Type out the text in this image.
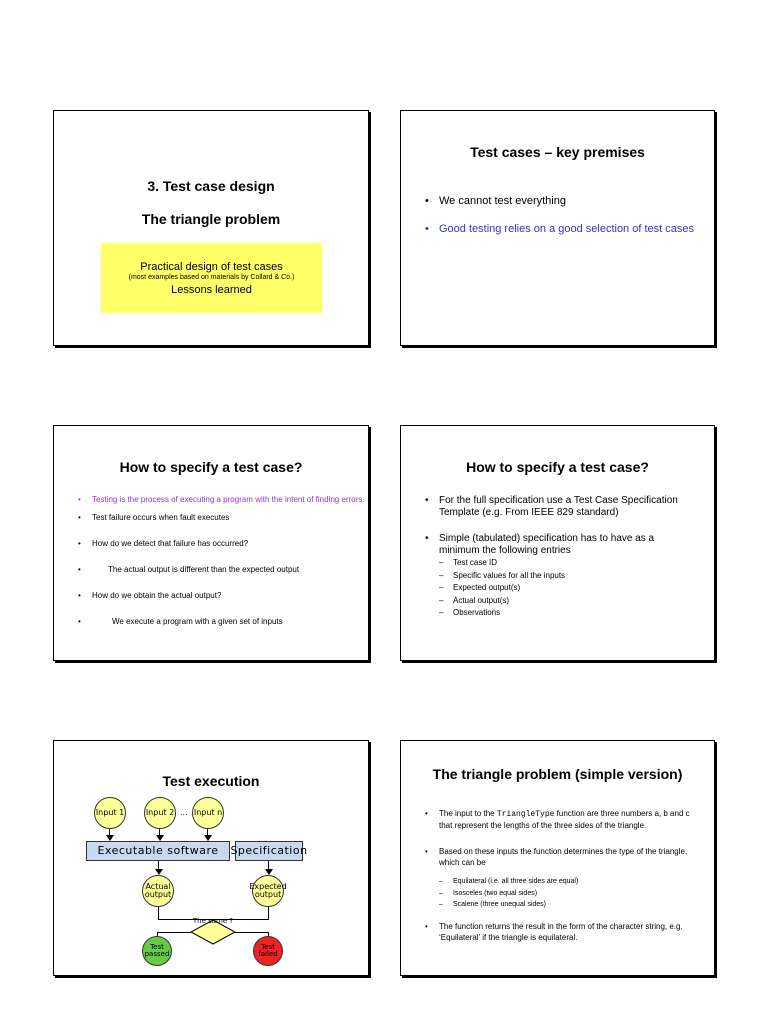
3. Test case design
The triangle problem
Practical design of test cases
(most examples based on materials by Collard & Co.)
Lessons learned
Test cases – key premises
• We cannot test everything
• Good testing relies on a good selection of test cases
How to specify a test case?
• Testing is the process of executing a program with the intent of finding errors.
• Test failure occurs when fault executes
• How do we detect that failure has occurred?
•	The actual output is different than the expected output
• How do we obtain the actual output?
•	We execute a program with a given set of inputs
How to specify a test case?
• For the full specification use a Test Case Specification Template (e.g. From IEEE 829 standard)
• Simple (tabulated) specification has to have as a minimum the following entries
– Test case ID
– Specific values for all the inputs
– Expected output(s)
– Actual output(s)
– Observations
Test execution
Input 1	Input 2 ... Input n
Executable software Specification
Actual output
Expected output
The same ?
Test passed
Test failed
The triangle problem (simple version)
• The input to the TriangleType function are three numbers a, b and c that represent the lengths of the three sides of the triangle.
• Based on these inputs the function determines the type of the triangle, which can be
– Equilateral (i.e. all three sides are equal)
– Isosceles (two equal sides)
– Scalene (three unequal sides)
• The function returns the result in the form of the character string, e.g. ‘Equilateral’ if the triangle is equilateral.
